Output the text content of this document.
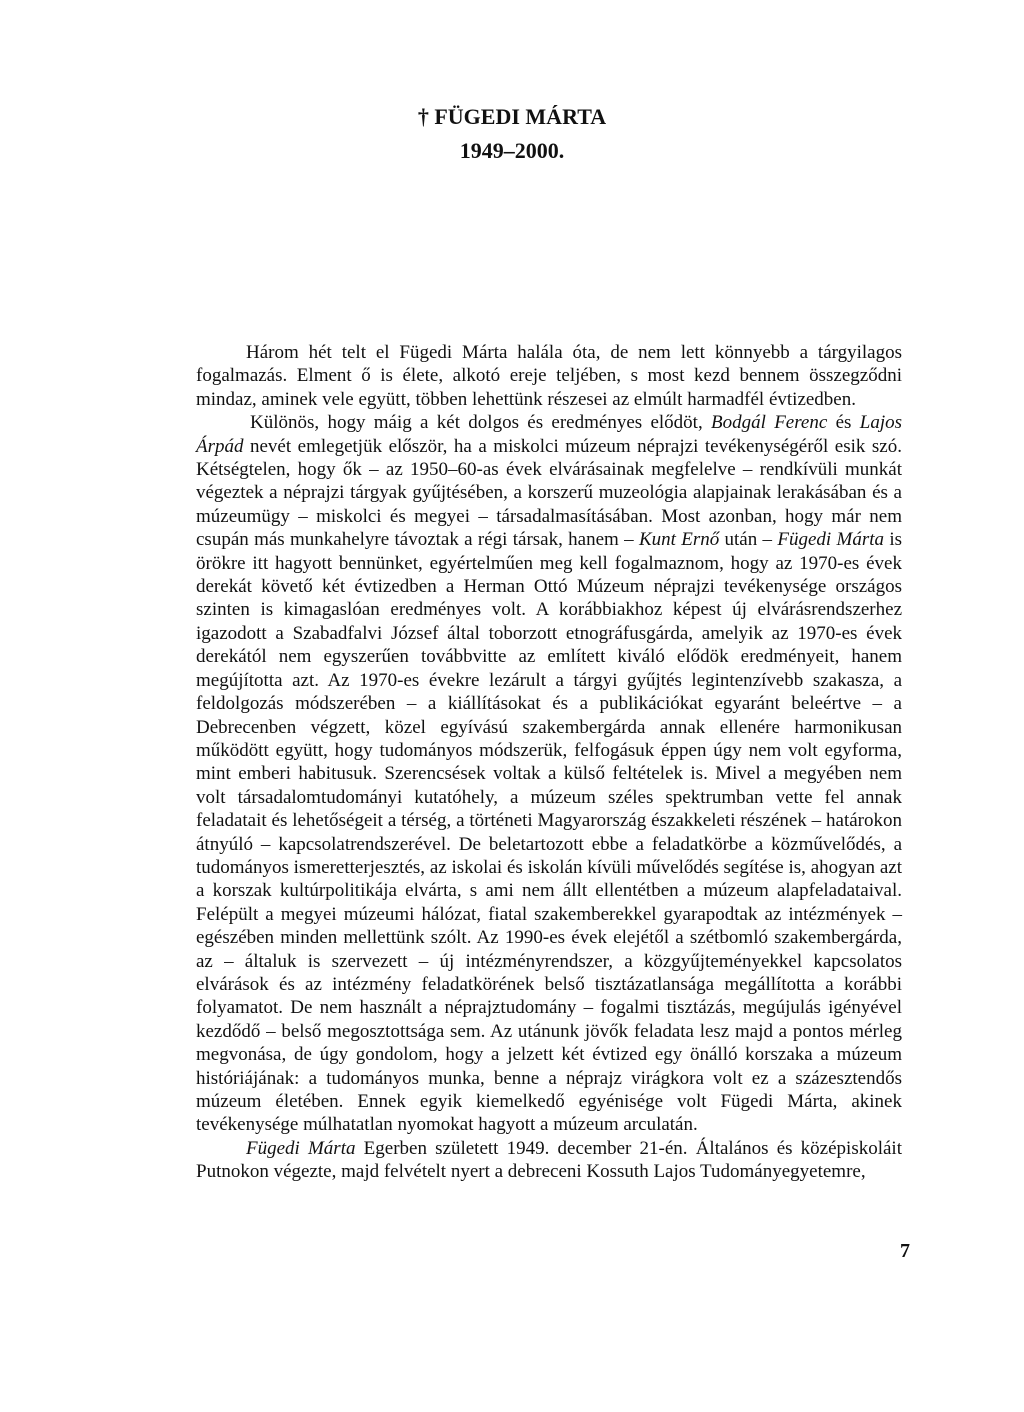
† FÜGEDI MÁRTA
1949–2000.

Három hét telt el Fügedi Márta halála óta, de nem lett könnyebb a tárgyilagos fogalmazás. Elment ő is élete, alkotó ereje teljében, s most kezd bennem összegződni mindaz, aminek vele együtt, többen lehettünk részesei az elmúlt harmadfél évtizedben.

Különös, hogy máig a két dolgos és eredményes elődöt, Bodgál Ferenc és Lajos Árpád nevét emlegetjük először, ha a miskolci múzeum néprajzi tevékenységéről esik szó. Kétségtelen, hogy ők – az 1950–60-as évek elvárásainak megfelelve – rendkívüli munkát végeztek a néprajzi tárgyak gyűjtésében, a korszerű muzeológia alapjainak lerakásában és a múzeumügy – miskolci és megyei – társadalmasításában. Most azonban, hogy már nem csupán más munkahelyre távoztak a régi társak, hanem – Kunt Ernő után – Fügedi Márta is örökre itt hagyott bennünket, egyértelműen meg kell fogalmaznom, hogy az 1970-es évek derekát követő két évtizedben a Herman Ottó Múzeum néprajzi tevékenysége országos szinten is kimagaslóan eredményes volt. A korábbiakhoz képest új elvárásrendszerhez igazodott a Szabadfalvi József által toborzott etnográfusgárda, amelyik az 1970-es évek derekától nem egyszerűen továbbvitte az említett kiváló elődök eredményeit, hanem megújította azt. Az 1970-es évekre lezárult a tárgyi gyűjtés legintenzívebb szakasza, a feldolgozás módszerében – a kiállításokat és a publikációkat egyaránt beleértve – a Debrecenben végzett, közel egyívású szakembergárda annak ellenére harmonikusan működött együtt, hogy tudományos módszerük, felfogásuk éppen úgy nem volt egyforma, mint emberi habitusuk. Szerencsések voltak a külső feltételek is. Mivel a megyében nem volt társadalomtudományi kutatóhely, a múzeum széles spektrumban vette fel annak feladatait és lehetőségeit a térség, a történeti Magyarország északkeleti részének – határokon átnyúló – kapcsolatrendszerével. De beletartozott ebbe a feladatkörbe a közművelődés, a tudományos ismeretterjesztés, az iskolai és iskolán kívüli művelődés segítése is, ahogyan azt a korszak kultúrpolitikája elvárta, s ami nem állt ellentétben a múzeum alapfeladataival. Felépült a megyei múzeumi hálózat, fiatal szakemberekkel gyarapodtak az intézmények – egészében minden mellettünk szólt. Az 1990-es évek elejétől a szétbomló szakembergárda, az – általuk is szervezett – új intézményrendszer, a közgyűjteményekkel kapcsolatos elvárások és az intézmény feladatkörének belső tisztázatlansága megállította a korábbi folyamatot. De nem használt a néprajztudomány – fogalmi tisztázás, megújulás igényével kezdődő – belső megosztottsága sem. Az utánunk jövők feladata lesz majd a pontos mérleg megvonása, de úgy gondolom, hogy a jelzett két évtized egy önálló korszaka a múzeum históriájának: a tudományos munka, benne a néprajz virágkora volt ez a százesztendős múzeum életében. Ennek egyik kiemelkedő egyénisége volt Fügedi Márta, akinek tevékenysége múlhatatlan nyomokat hagyott a múzeum arculatán.

Fügedi Márta Egerben született 1949. december 21-én. Általános és középiskoláit Putnokon végezte, majd felvételt nyert a debreceni Kossuth Lajos Tudományegyetemre,

7
